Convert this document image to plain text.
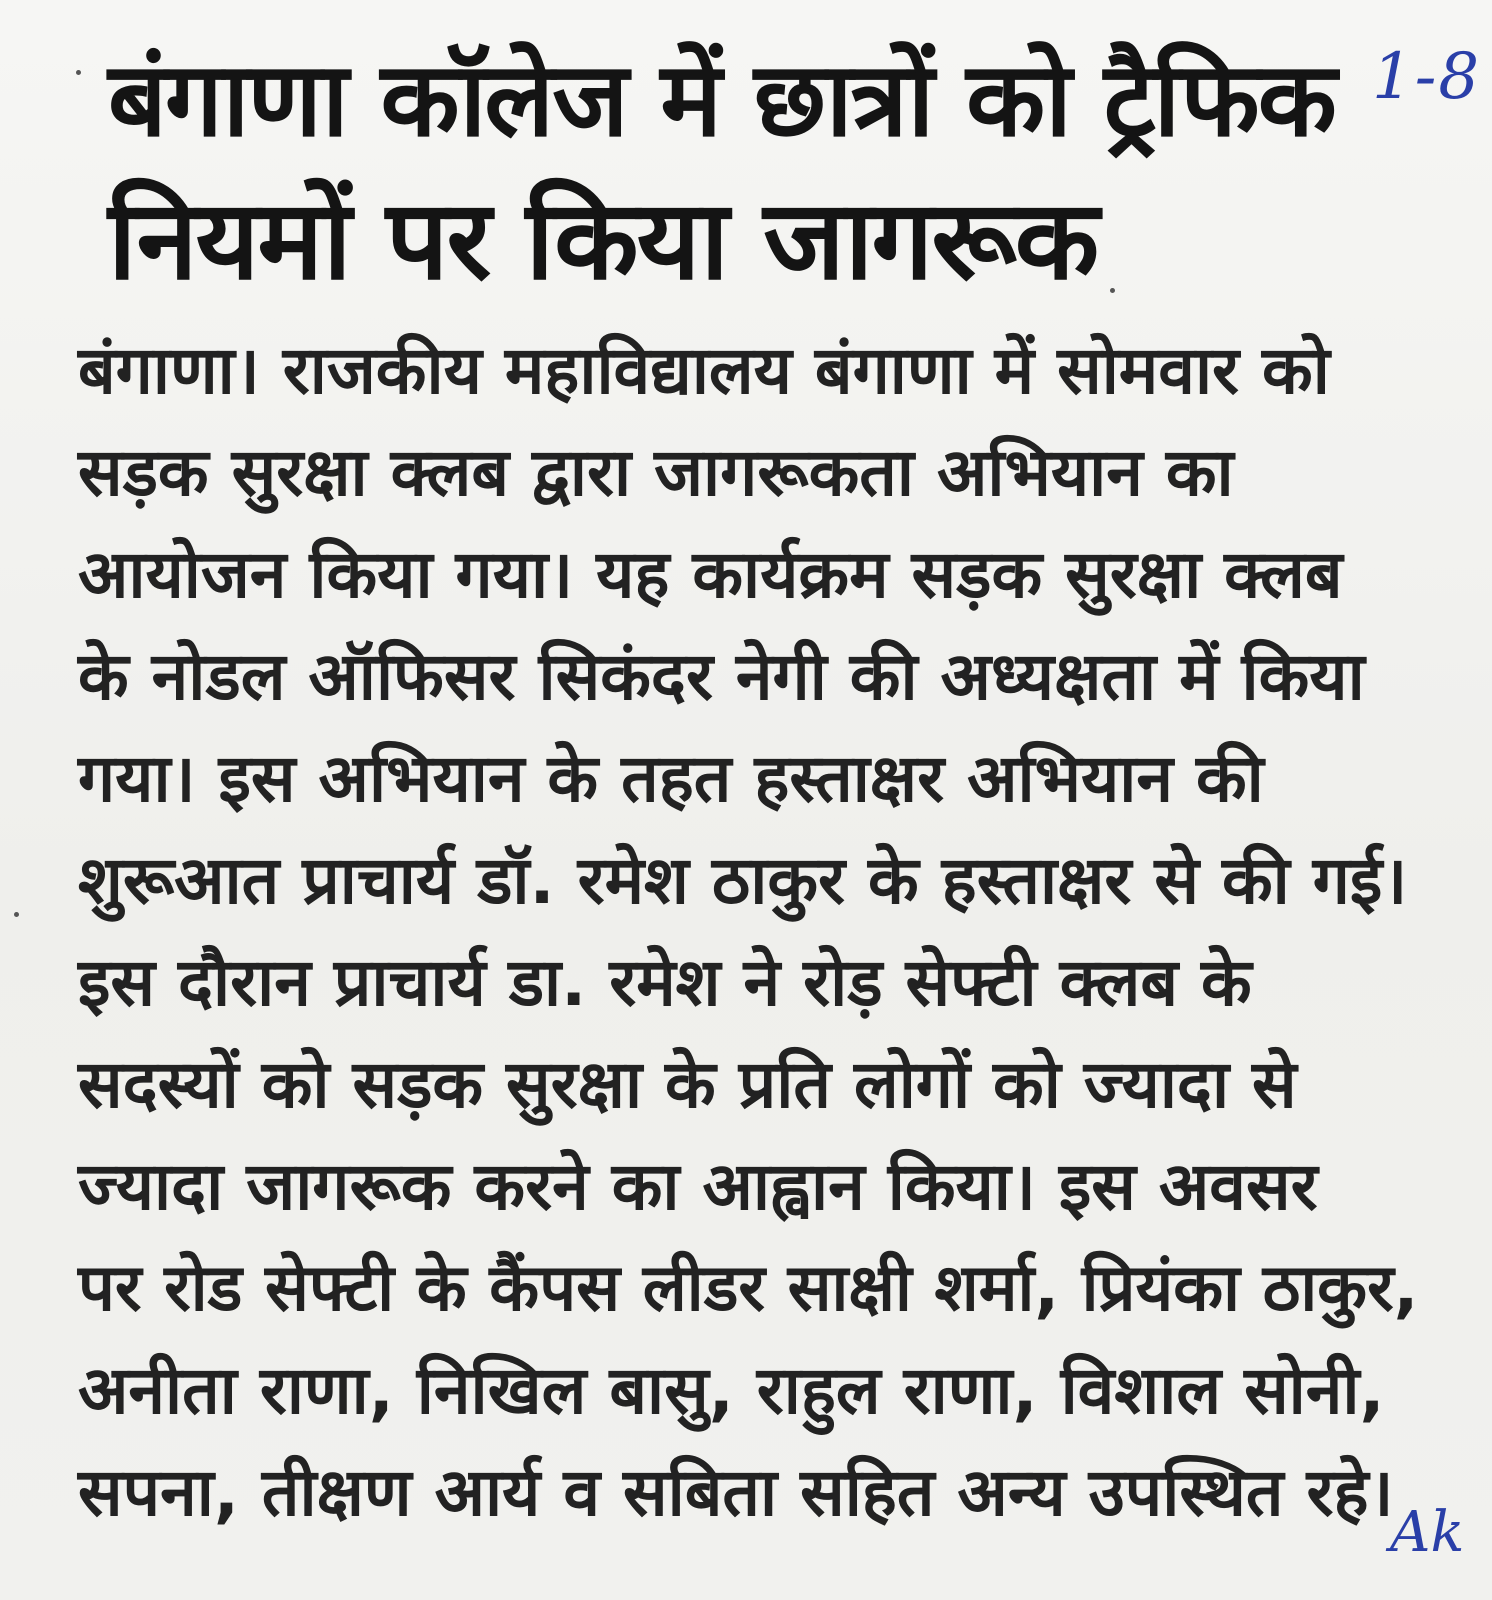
बंगाणा कॉलेज में छात्रों को ट्रैफिक
नियमों पर किया जागरूक
1-8
बंगाणा। राजकीय महाविद्यालय बंगाणा में सोमवार को
सड़क सुरक्षा क्लब द्वारा जागरूकता अभियान का
आयोजन किया गया। यह कार्यक्रम सड़क सुरक्षा क्लब
के नोडल ऑफिसर सिकंदर नेगी की अध्यक्षता में किया
गया। इस अभियान के तहत हस्ताक्षर अभियान की
शुरूआत प्राचार्य डॉ. रमेश ठाकुर के हस्ताक्षर से की गई।
इस दौरान प्राचार्य डा. रमेश ने रोड़ सेफ्टी क्लब के
सदस्यों को सड़क सुरक्षा के प्रति लोगों को ज्यादा से
ज्यादा जागरूक करने का आह्वान किया। इस अवसर
पर रोड सेफ्टी के कैंपस लीडर साक्षी शर्मा, प्रियंका ठाकुर,
अनीता राणा, निखिल बासु, राहुल राणा, विशाल सोनी,
सपना, तीक्षण आर्य व सबिता सहित अन्य उपस्थित रहे।
Ak
